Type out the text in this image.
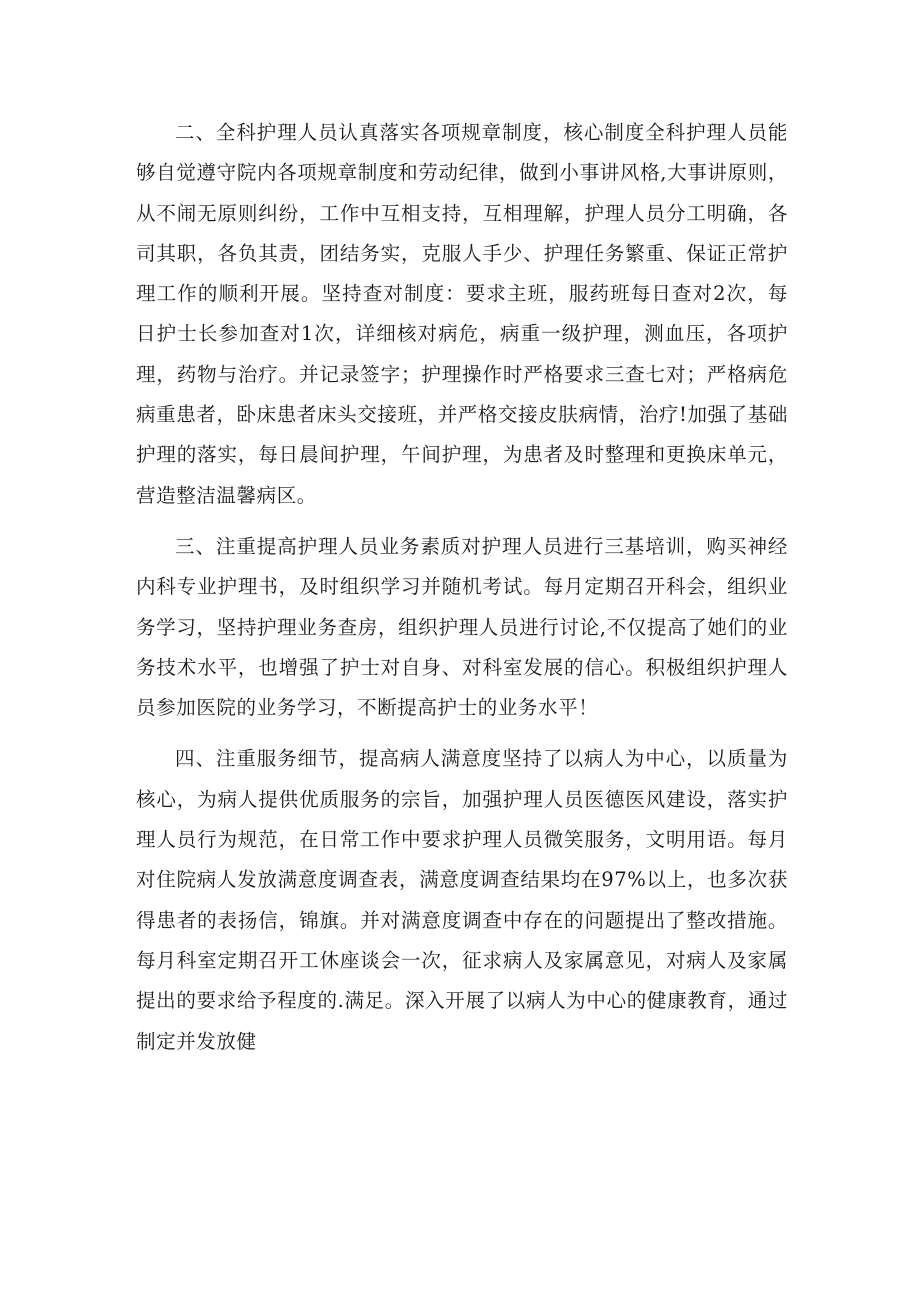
二、全科护理人员认真落实各项规章制度，核心制度全科护理人员能够自觉遵守院内各项规章制度和劳动纪律，做到小事讲风格,大事讲原则，从不闹无原则纠纷，工作中互相支持，互相理解，护理人员分工明确，各司其职，各负其责，团结务实，克服人手少、护理任务繁重、保证正常护理工作的顺利开展。坚持查对制度：要求主班，服药班每日查对2次，每日护士长参加查对1次，详细核对病危，病重一级护理，测血压，各项护理，药物与治疗。并记录签字；护理操作时严格要求三查七对；严格病危病重患者，卧床患者床头交接班，并严格交接皮肤病情，治疗!加强了基础护理的落实，每日晨间护理，午间护理，为患者及时整理和更换床单元，营造整洁温馨病区。

三、注重提高护理人员业务素质对护理人员进行三基培训，购买神经内科专业护理书，及时组织学习并随机考试。每月定期召开科会，组织业务学习，坚持护理业务查房，组织护理人员进行讨论,不仅提高了她们的业务技术水平，也增强了护士对自身、对科室发展的信心。积极组织护理人员参加医院的业务学习，不断提高护士的业务水平！

四、注重服务细节，提高病人满意度坚持了以病人为中心，以质量为核心，为病人提供优质服务的宗旨，加强护理人员医德医风建设，落实护理人员行为规范，在日常工作中要求护理人员微笑服务，文明用语。每月对住院病人发放满意度调查表，满意度调查结果均在97%以上，也多次获得患者的表扬信，锦旗。并对满意度调查中存在的问题提出了整改措施。每月科室定期召开工休座谈会一次，征求病人及家属意见，对病人及家属提出的要求给予程度的.满足。深入开展了以病人为中心的健康教育，通过制定并发放健
